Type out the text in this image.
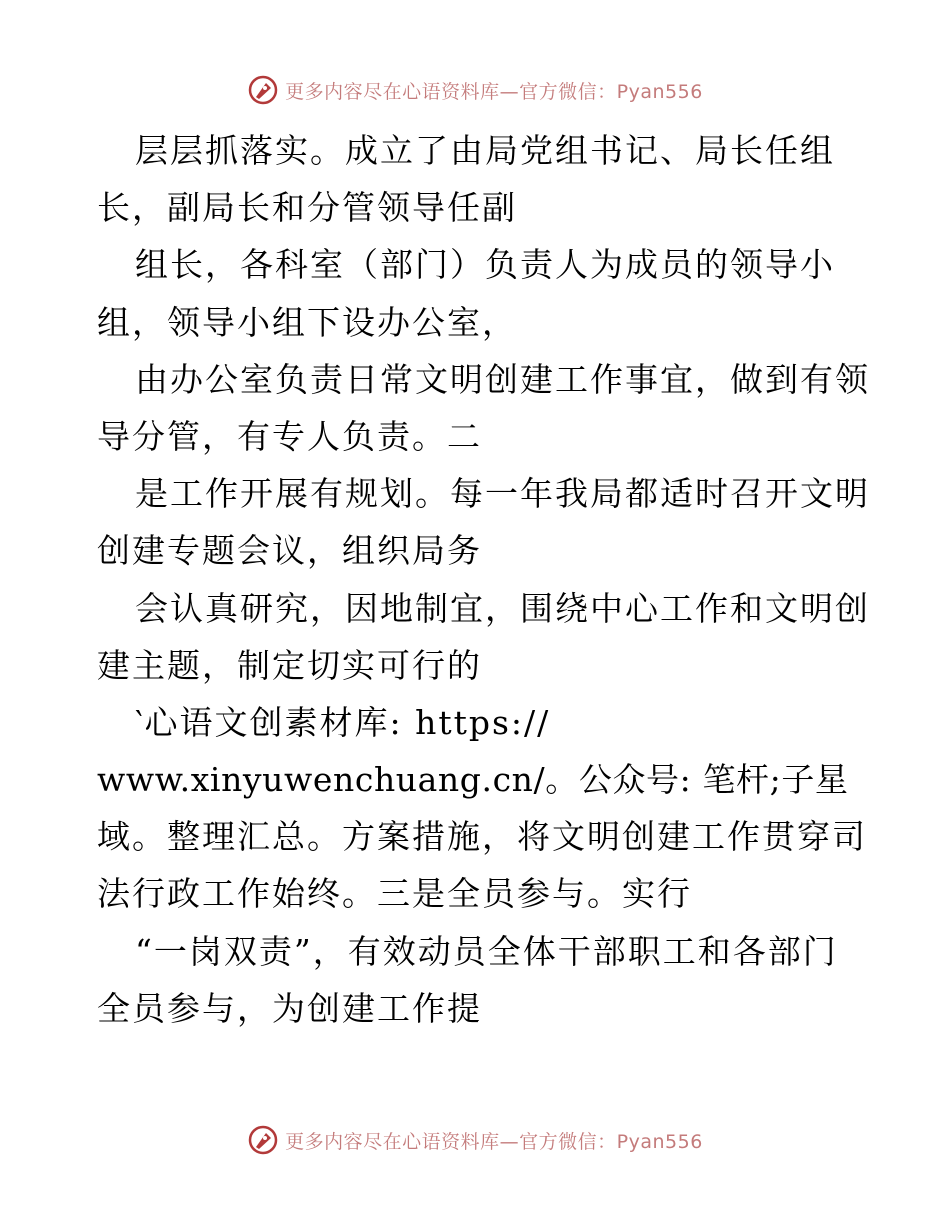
更多内容尽在心语资料库—官方微信：Pyan556
层层抓落实。成立了由局党组书记、局长任组
长，副局长和分管领导任副
组长，各科室（部门）负责人为成员的领导小
组，领导小组下设办公室，
由办公室负责日常文明创建工作事宜，做到有领
导分管，有专人负责。二
是工作开展有规划。每一年我局都适时召开文明
创建专题会议，组织局务
会认真研究，因地制宜，围绕中心工作和文明创
建主题，制定切实可行的
‵心语文创素材库: https://
www.xinyuwenchuang.cn/。公众号: 笔杆;子星
域。整理汇总。方案措施，将文明创建工作贯穿司
法行政工作始终。三是全员参与。实行
“一岗双责”，有效动员全体干部职工和各部门
全员参与，为创建工作提
更多内容尽在心语资料库—官方微信：Pyan556
